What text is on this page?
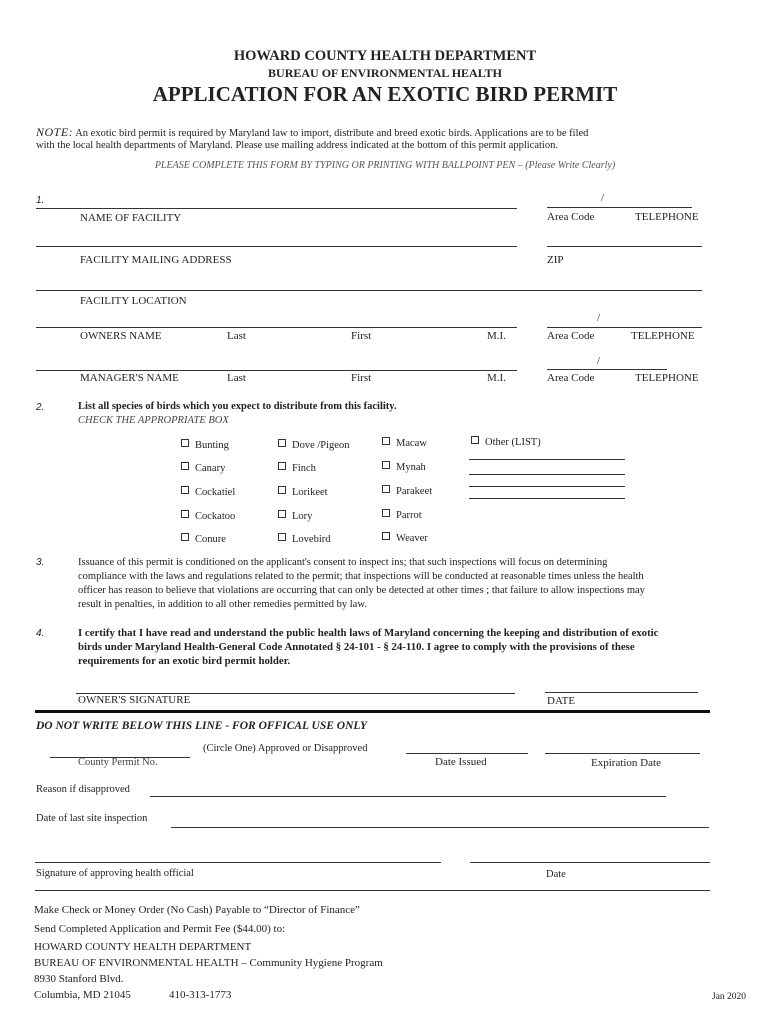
HOWARD COUNTY HEALTH DEPARTMENT
BUREAU OF ENVIRONMENTAL HEALTH
APPLICATION FOR AN EXOTIC BIRD PERMIT
NOTE: An exotic bird permit is required by Maryland law to import, distribute and breed exotic birds. Applications are to be filed
with the local health departments of Maryland. Please use mailing address indicated at the bottom of this permit application.
PLEASE COMPLETE THIS FORM BY TYPING OR PRINTING WITH BALLPOINT PEN – (Please Write Clearly)
1.	/
NAME OF FACILITY	Area Code	TELEPHONE
FACILITY MAILING ADDRESS	ZIP
FACILITY LOCATION
/
OWNERS NAME	Last	First	M.I.	Area Code	TELEPHONE
/
MANAGER'S NAME	Last	First	M.I.	Area Code	TELEPHONE
2.	List all species of birds which you expect to distribute from this facility.
CHECK THE APPROPRIATE BOX
Bunting
Canary
Cockatiel
Cockatoo
Conure
Dove /Pigeon
Finch
Lorikeet
Lory
Lovebird
Macaw
Mynah
Parakeet
Parrot
Weaver
Other (LIST)
3.	Issuance of this permit is conditioned on the applicant's consent to inspect ins; that such inspections will focus on determining
compliance with the laws and regulations related to the permit; that inspections will be conducted at reasonable times unless the health
officer has reason to believe that violations are occurring that can only be detected at other times ; that failure to allow inspections may
result in penalties, in addition to all other remedies permitted by law.
4.	I certify that I have read and understand the public health laws of Maryland concerning the keeping and distribution of exotic
birds under Maryland Health-General Code Annotated § 24-101 - § 24-110. I agree to comply with the provisions of these
requirements for an exotic bird permit holder.
OWNER'S SIGNATURE	DATE
DO NOT WRITE BELOW THIS LINE - FOR OFFICAL USE ONLY
(Circle One) Approved or Disapproved
County Permit No.	Date Issued	Expiration Date
Reason if disapproved
Date of last site inspection
Signature of approving health official	Date
Make Check or Money Order (No Cash) Payable to “Director of Finance”
Send Completed Application and Permit Fee ($44.00) to:
HOWARD COUNTY HEALTH DEPARTMENT
BUREAU OF ENVIRONMENTAL HEALTH – Community Hygiene Program
8930 Stanford Blvd.
Columbia, MD 21045	410-313-1773	Jan 2020
